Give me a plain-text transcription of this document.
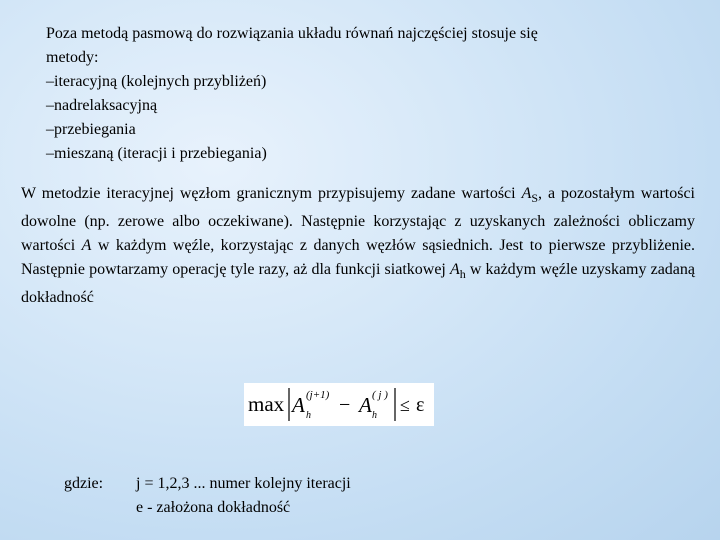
Poza metodą pasmową do rozwiązania układu równań najczęściej stosuje się
metody:
–iteracyjną (kolejnych przybliżeń)
–nadrelaksacyjną
–przebiegania
–mieszaną (iteracji i przebiegania)

W metodzie iteracyjnej węzłom granicznym przypisujemy zadane wartości $A_S$, a pozostałym wartości dowolne (np. zerowe albo oczekiwane). Następnie korzystając z uzyskanych zależności obliczamy wartości A w każdym węźle, korzystając z danych węzłów sąsiednich. Jest to pierwsze przybliżenie. Następnie powtarzamy operację tyle razy, aż dla funkcji siatkowej $A_h$ w każdym węźle uzyskamy zadaną dokładność

max A (j+1)
h − A ( j )
h
≤ ε
gdzie: j = 1,2,3 ... numer kolejny iteracji
e - założona dokładność
